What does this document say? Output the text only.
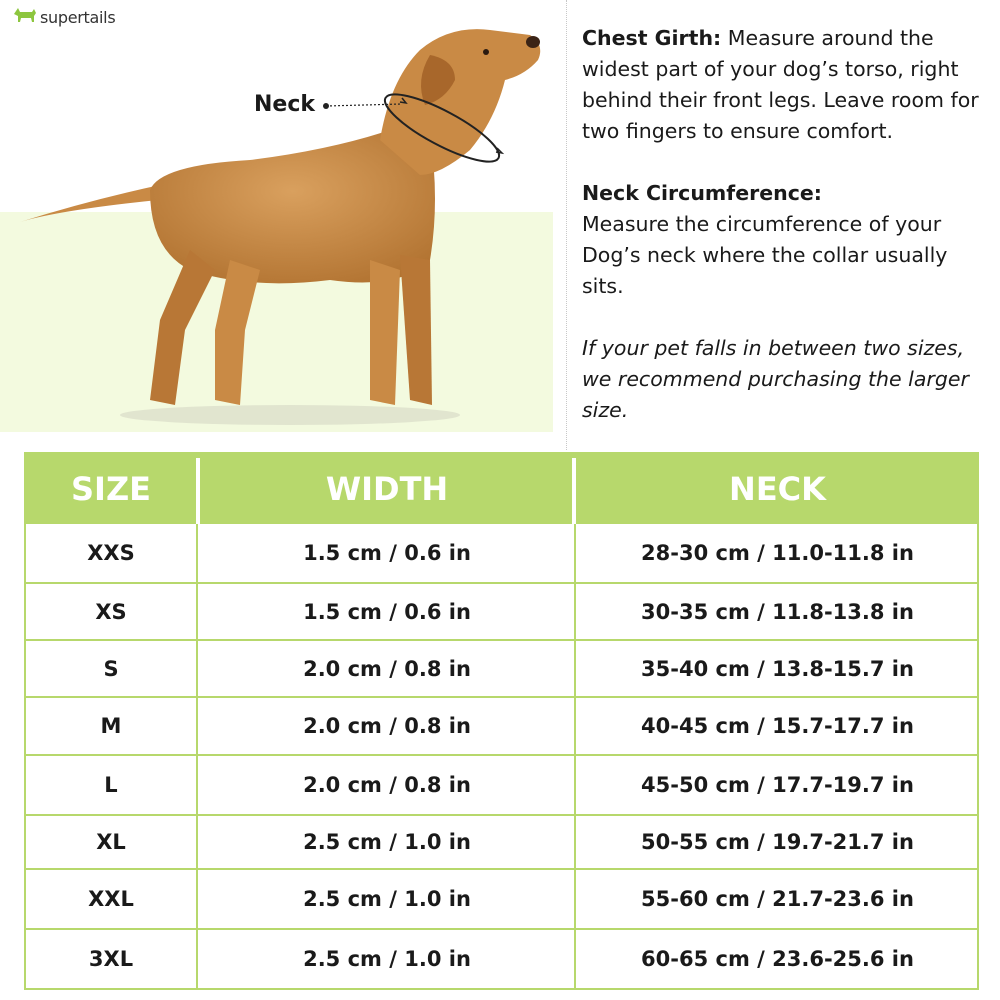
supertails
Neck

Chest Girth: Measure around the widest part of your dog’s torso, right behind their front legs. Leave room for two fingers to ensure comfort.

Neck Circumference:

Measure the circumference of your Dog’s neck where the collar usually sits.

If your pet falls in between two sizes, we recommend purchasing the larger size.

SIZE	WIDTH	NECK
XXS	1.5 cm / 0.6 in	28-30 cm / 11.0-11.8 in
XS	1.5 cm / 0.6 in	30-35 cm / 11.8-13.8 in
S	2.0 cm / 0.8 in	35-40 cm / 13.8-15.7 in
M	2.0 cm / 0.8 in	40-45 cm / 15.7-17.7 in
L	2.0 cm / 0.8 in	45-50 cm / 17.7-19.7 in
XL	2.5 cm / 1.0 in	50-55 cm / 19.7-21.7 in
XXL	2.5 cm / 1.0 in	55-60 cm / 21.7-23.6 in
3XL	2.5 cm / 1.0 in	60-65 cm / 23.6-25.6 in
